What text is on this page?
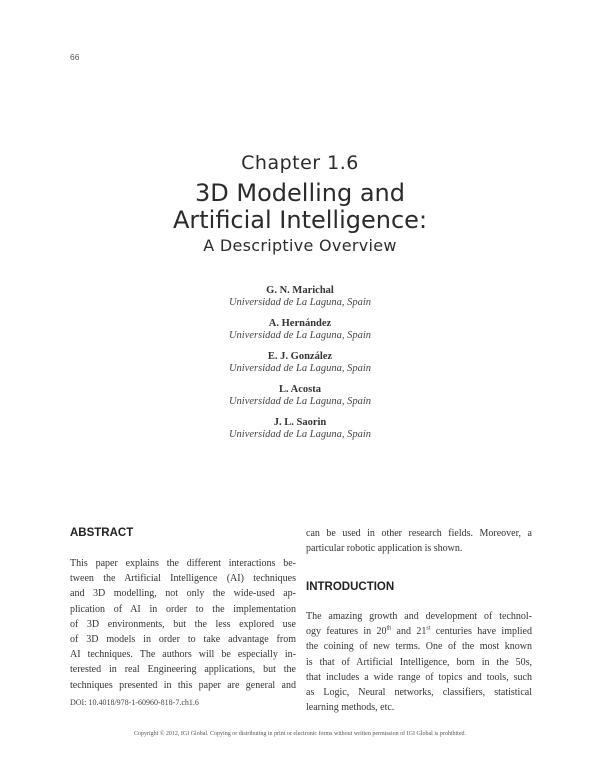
66
Chapter 1.6
3D Modelling and
Artificial Intelligence:
A Descriptive Overview
G. N. Marichal
Universidad de La Laguna, Spain
A. Hernández
Universidad de La Laguna, Spain
E. J. González
Universidad de La Laguna, Spain
L. Acosta
Universidad de La Laguna, Spain
J. L. Saorin
Universidad de La Laguna, Spain
ABSTRACT
This paper explains the different interactions be-
tween the Artificial Intelligence (AI) techniques
and 3D modelling, not only the wide-used ap-
plication of AI in order to the implementation
of 3D environments, but the less explored use
of 3D models in order to take advantage from
AI techniques. The authors will be especially in-
terested in real Engineering applications, but the
techniques presented in this paper are general and
DOI: 10.4018/978-1-60960-818-7.ch1.6
can be used in other research fields. Moreover, a
particular robotic application is shown.
INTRODUCTION
The amazing growth and development of technol-
ogy features in 20th and 21st centuries have implied
the coining of new terms. One of the most known
is that of Artificial Intelligence, born in the 50s,
that includes a wide range of topics and tools, such
as Logic, Neural networks, classifiers, statistical
learning methods, etc.
Copyright © 2012, IGI Global. Copying or distributing in print or electronic forms without written permission of IGI Global is prohibited.
